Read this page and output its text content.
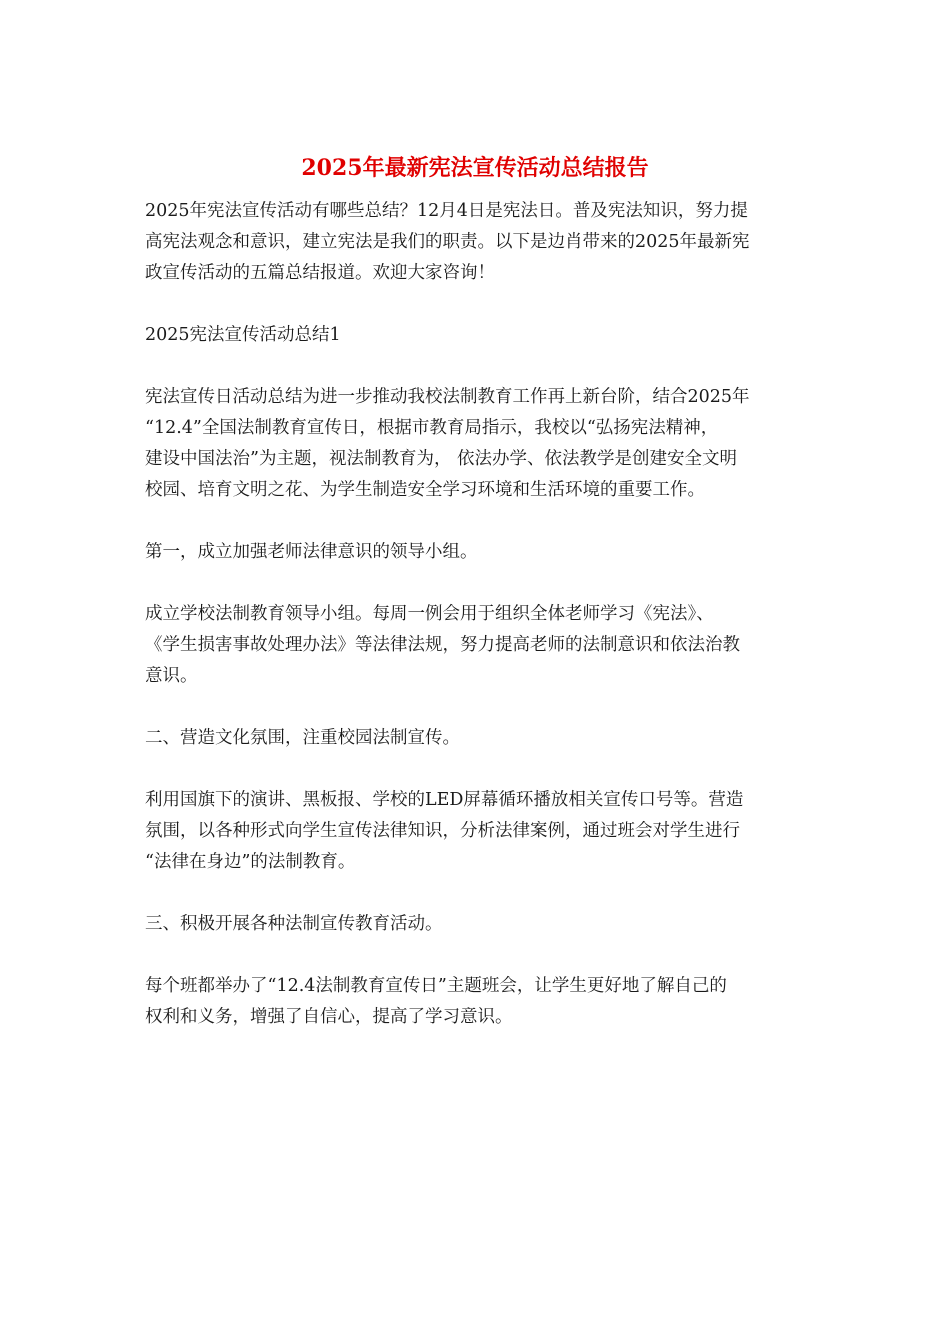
2025年最新宪法宣传活动总结报告

2025年宪法宣传活动有哪些总结？12月4日是宪法日。普及宪法知识，努力提
高宪法观念和意识，建立宪法是我们的职责。以下是边肖带来的2025年最新宪
政宣传活动的五篇总结报道。欢迎大家咨询！

2025宪法宣传活动总结1

宪法宣传日活动总结为进一步推动我校法制教育工作再上新台阶，结合2025年
“12.4”全国法制教育宣传日，根据市教育局指示，我校以“弘扬宪法精神，
建设中国法治”为主题，视法制教育为， 依法办学、依法教学是创建安全文明
校园、培育文明之花、为学生制造安全学习环境和生活环境的重要工作。

第一，成立加强老师法律意识的领导小组。

成立学校法制教育领导小组。每周一例会用于组织全体老师学习《宪法》、
《学生损害事故处理办法》等法律法规，努力提高老师的法制意识和依法治教
意识。

二、营造文化氛围，注重校园法制宣传。

利用国旗下的演讲、黑板报、学校的LED屏幕循环播放相关宣传口号等。营造
氛围，以各种形式向学生宣传法律知识，分析法律案例，通过班会对学生进行
“法律在身边”的法制教育。

三、积极开展各种法制宣传教育活动。

每个班都举办了“12.4法制教育宣传日”主题班会，让学生更好地了解自己的
权利和义务，增强了自信心，提高了学习意识。
